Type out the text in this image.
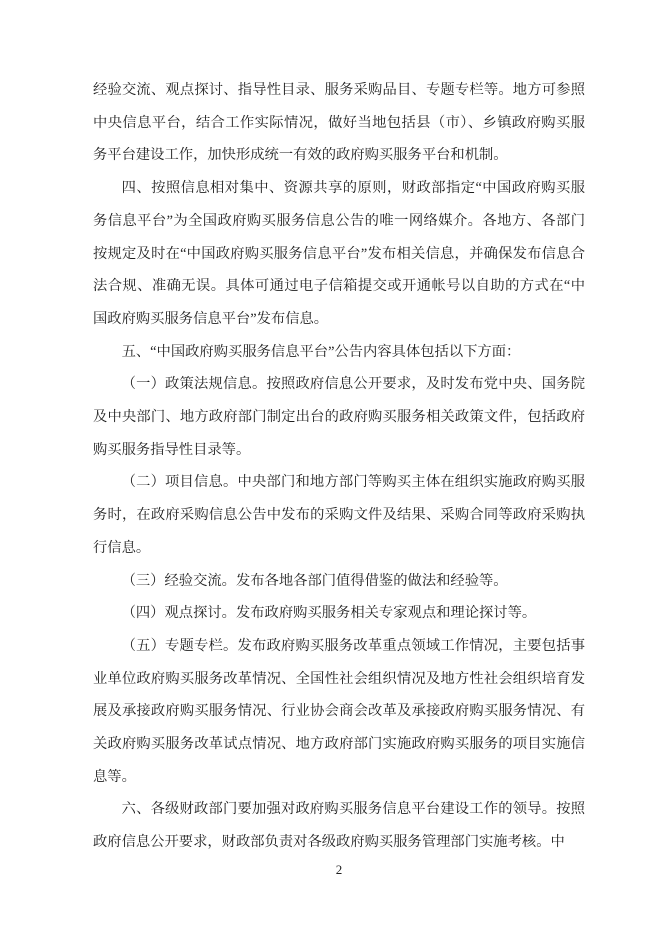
经验交流、观点探讨、指导性目录、服务采购品目、专题专栏等。地方可参照中央信息平台，结合工作实际情况，做好当地包括县（市）、乡镇政府购买服务平台建设工作，加快形成统一有效的政府购买服务平台和机制。

四、按照信息相对集中、资源共享的原则，财政部指定“中国政府购买服务信息平台”为全国政府购买服务信息公告的唯一网络媒介。各地方、各部门按规定及时在“中国政府购买服务信息平台”发布相关信息，并确保发布信息合法合规、准确无误。具体可通过电子信箱提交或开通帐号以自助的方式在“中国政府购买服务信息平台”发布信息。

五、“中国政府购买服务信息平台”公告内容具体包括以下方面：

（一）政策法规信息。按照政府信息公开要求，及时发布党中央、国务院及中央部门、地方政府部门制定出台的政府购买服务相关政策文件，包括政府购买服务指导性目录等。

（二）项目信息。中央部门和地方部门等购买主体在组织实施政府购买服务时，在政府采购信息公告中发布的采购文件及结果、采购合同等政府采购执行信息。

（三）经验交流。发布各地各部门值得借鉴的做法和经验等。

（四）观点探讨。发布政府购买服务相关专家观点和理论探讨等。

（五）专题专栏。发布政府购买服务改革重点领域工作情况，主要包括事业单位政府购买服务改革情况、全国性社会组织情况及地方性社会组织培育发展及承接政府购买服务情况、行业协会商会改革及承接政府购买服务情况、有关政府购买服务改革试点情况、地方政府部门实施政府购买服务的项目实施信息等。

六、各级财政部门要加强对政府购买服务信息平台建设工作的领导。按照政府信息公开要求，财政部负责对各级政府购买服务管理部门实施考核。中

2
